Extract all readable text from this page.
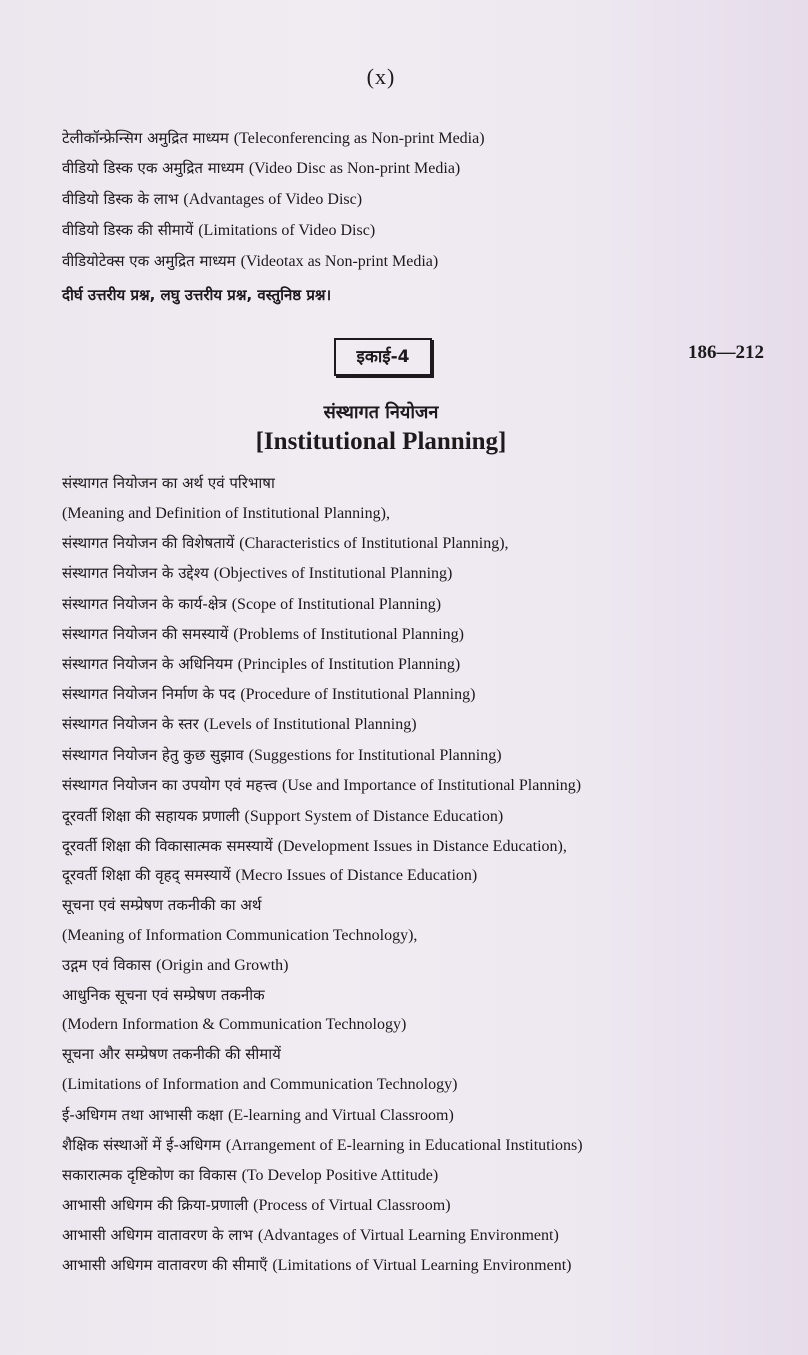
(x)
टेलीकॉन्फ्रेन्सिग अमुद्रित माध्यम (Teleconferencing as Non-print Media)
वीडियो डिस्क एक अमुद्रित माध्यम (Video Disc as Non-print Media)
वीडियो डिस्क के लाभ (Advantages of Video Disc)
वीडियो डिस्क की सीमायें (Limitations of Video Disc)
वीडियोटेक्स एक अमुद्रित माध्यम (Videotax as Non-print Media)
दीर्घ उत्तरीय प्रश्न, लघु उत्तरीय प्रश्न, वस्तुनिष्ठ प्रश्न।
इकाई-4	186—212
संस्थागत नियोजन
[Institutional Planning]
संस्थागत नियोजन का अर्थ एवं परिभाषा
(Meaning and Definition of Institutional Planning),
संस्थागत नियोजन की विशेषतायें (Characteristics of Institutional Planning),
संस्थागत नियोजन के उद्देश्य (Objectives of Institutional Planning)
संस्थागत नियोजन के कार्य-क्षेत्र (Scope of Institutional Planning)
संस्थागत नियोजन की समस्यायें (Problems of Institutional Planning)
संस्थागत नियोजन के अधिनियम (Principles of Institution Planning)
संस्थागत नियोजन निर्माण के पद (Procedure of Institutional Planning)
संस्थागत नियोजन के स्तर (Levels of Institutional Planning)
संस्थागत नियोजन हेतु कुछ सुझाव (Suggestions for Institutional Planning)
संस्थागत नियोजन का उपयोग एवं महत्त्व (Use and Importance of Institutional Planning)
दूरवर्ती शिक्षा की सहायक प्रणाली (Support System of Distance Education)
दूरवर्ती शिक्षा की विकासात्मक समस्यायें (Development Issues in Distance Education),
दूरवर्ती शिक्षा की वृहद् समस्यायें (Mecro Issues of Distance Education)
सूचना एवं सम्प्रेषण तकनीकी का अर्थ
(Meaning of Information Communication Technology),
उद्गम एवं विकास (Origin and Growth)
आधुनिक सूचना एवं सम्प्रेषण तकनीक
(Modern Information & Communication Technology)
सूचना और सम्प्रेषण तकनीकी की सीमायें
(Limitations of Information and Communication Technology)
ई-अधिगम तथा आभासी कक्षा (E-learning and Virtual Classroom)
शैक्षिक संस्थाओं में ई-अधिगम (Arrangement of E-learning in Educational Institutions)
सकारात्मक दृष्टिकोण का विकास (To Develop Positive Attitude)
आभासी अधिगम की क्रिया-प्रणाली (Process of Virtual Classroom)
आभासी अधिगम वातावरण के लाभ (Advantages of Virtual Learning Environment)
आभासी अधिगम वातावरण की सीमाएँ (Limitations of Virtual Learning Environment)
